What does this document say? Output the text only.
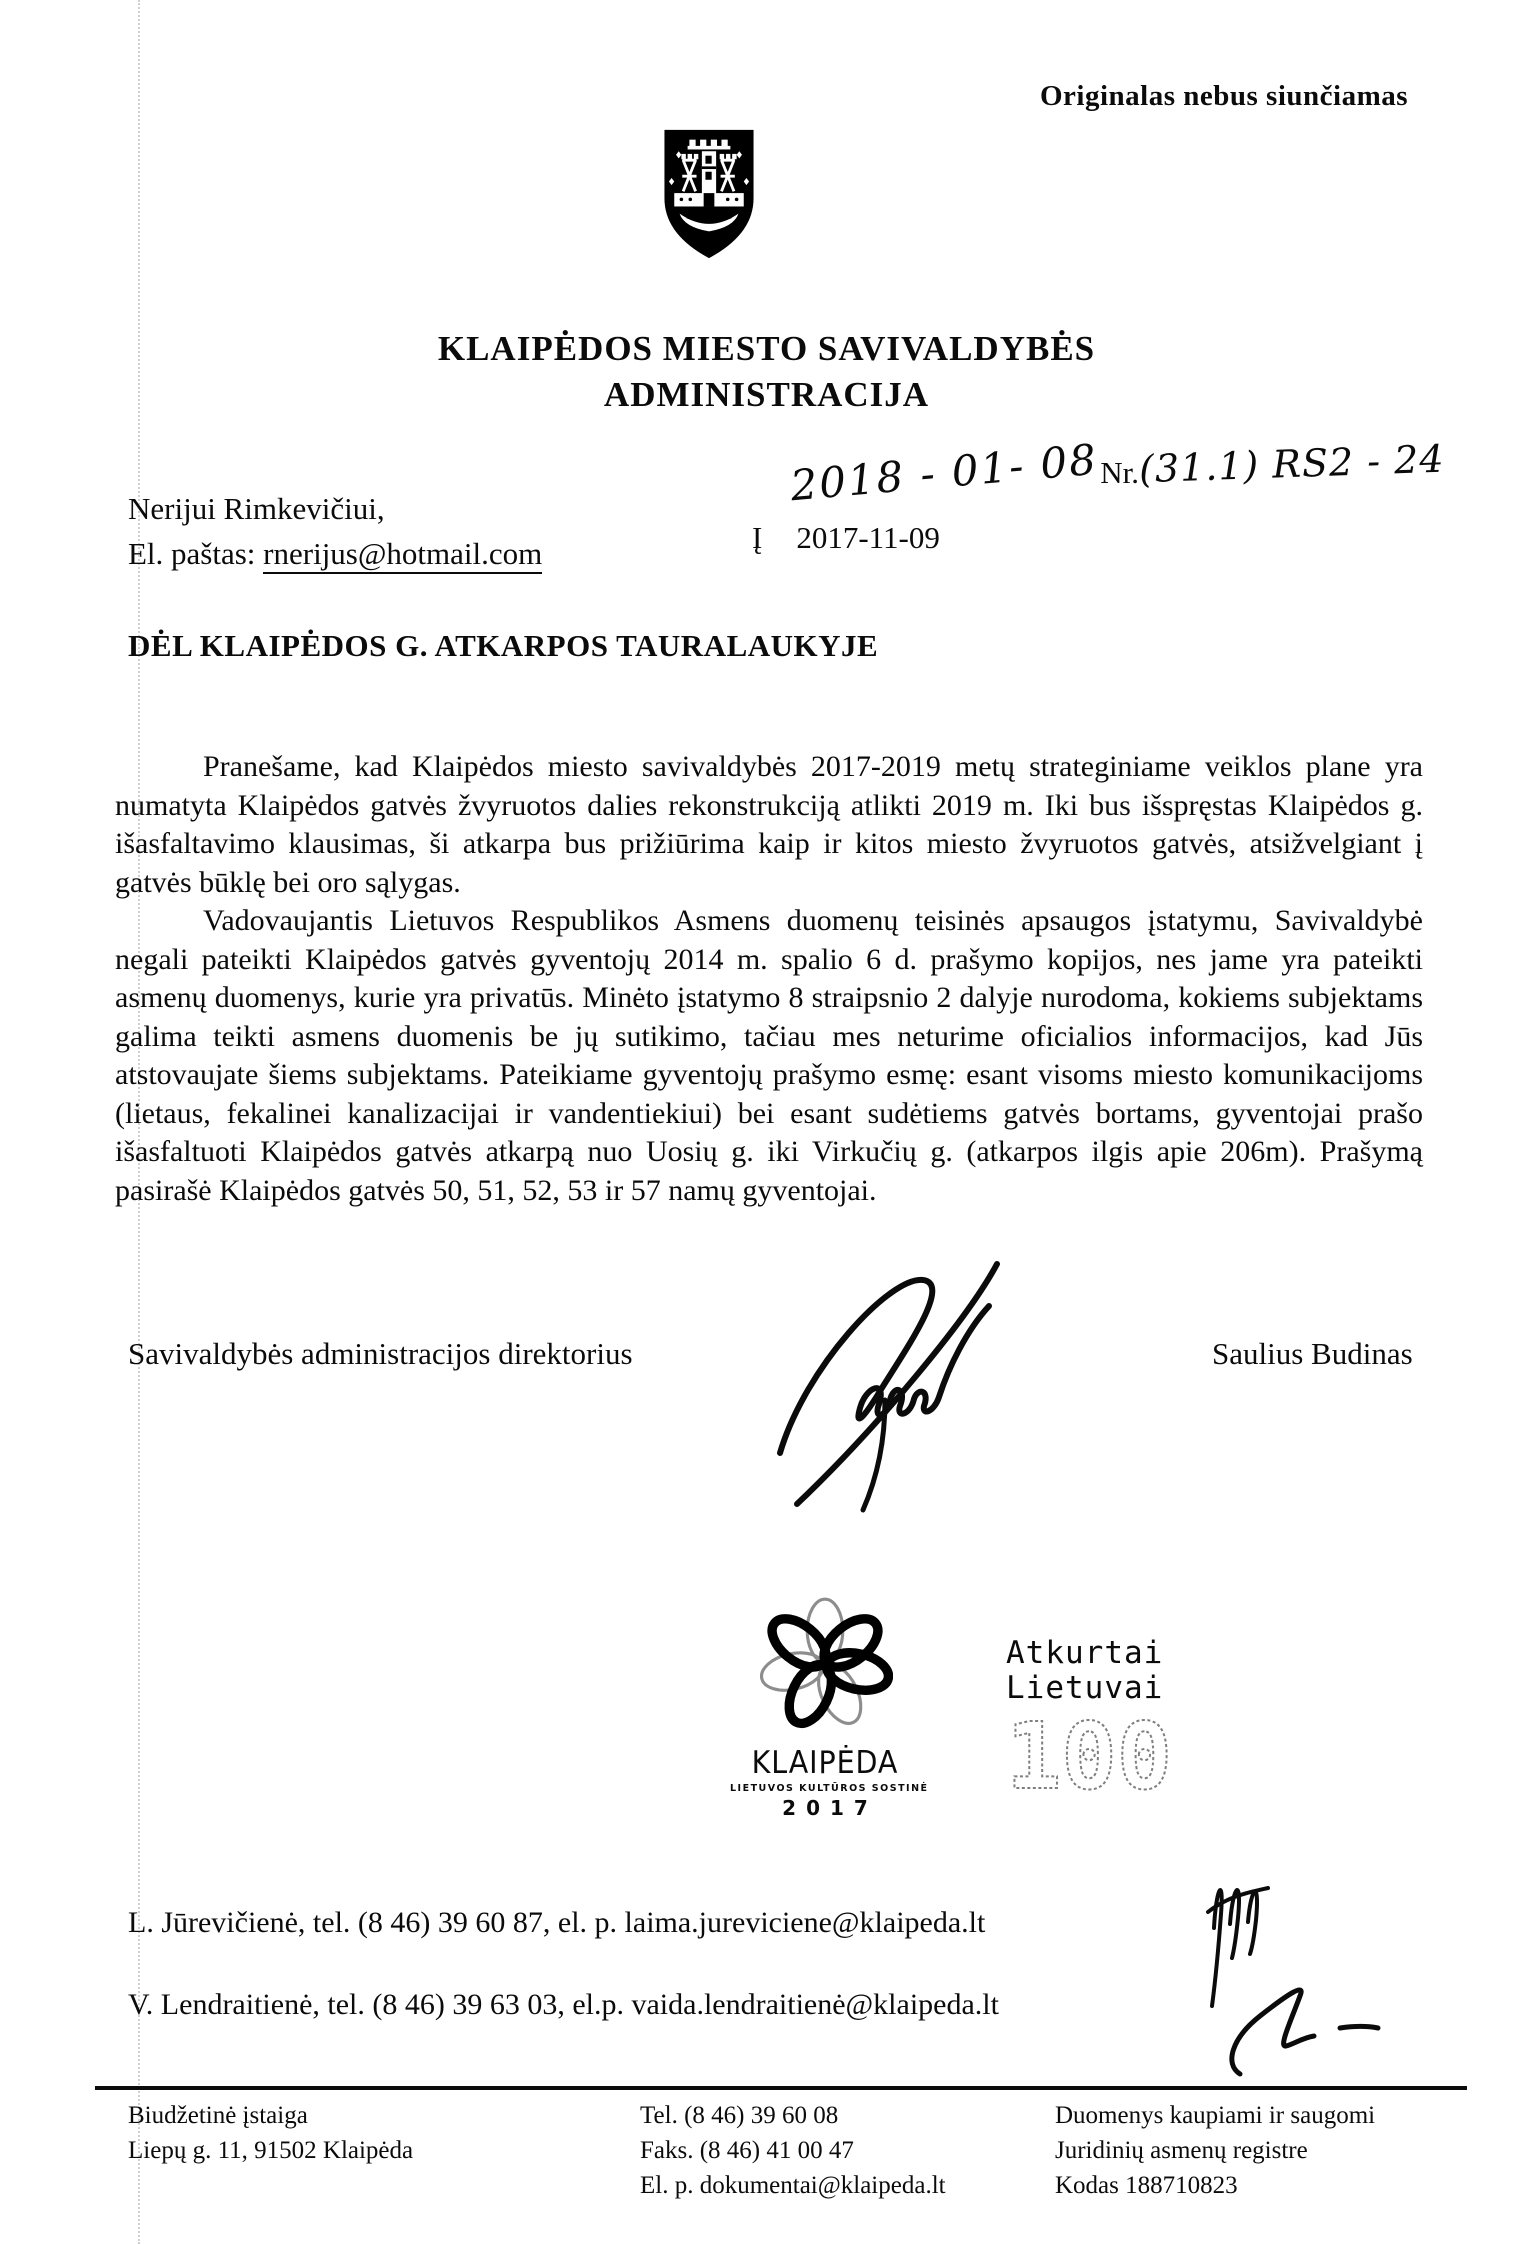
Originalas nebus siunčiamas
KLAIPĖDOS MIESTO SAVIVALDYBĖS
ADMINISTRACIJA
Nerijui Rimkevičiui,
El. paštas: rnerijus@hotmail.com
2018 - 01- 08Nr.(31.1) RS2 - 24
Į 2017-11-09
DĖL KLAIPĖDOS G. ATKARPOS TAURALAUKYJE

Pranešame, kad Klaipėdos miesto savivaldybės 2017-2019 metų strateginiame veiklos plane yra numatyta Klaipėdos gatvės žvyruotos dalies rekonstrukciją atlikti 2019 m. Iki bus išspręstas Klaipėdos g. išasfaltavimo klausimas, ši atkarpa bus prižiūrima kaip ir kitos miesto žvyruotos gatvės, atsižvelgiant į gatvės būklę bei oro sąlygas.

Vadovaujantis Lietuvos Respublikos Asmens duomenų teisinės apsaugos įstatymu, Savivaldybė negali pateikti Klaipėdos gatvės gyventojų 2014 m. spalio 6 d. prašymo kopijos, nes jame yra pateikti asmenų duomenys, kurie yra privatūs. Minėto įstatymo 8 straipsnio 2 dalyje nurodoma, kokiems subjektams galima teikti asmens duomenis be jų sutikimo, tačiau mes neturime oficialios informacijos, kad Jūs atstovaujate šiems subjektams. Pateikiame gyventojų prašymo esmę: esant visoms miesto komunikacijoms (lietaus, fekalinei kanalizacijai ir vandentiekiui) bei esant sudėtiems gatvės bortams, gyventojai prašo išasfaltuoti Klaipėdos gatvės atkarpą nuo Uosių g. iki Virkučių g. (atkarpos ilgis apie 206m). Prašymą pasirašė Klaipėdos gatvės 50, 51, 52, 53 ir 57 namų gyventojai.

Savivaldybės administracijos direktorius	Saulius Budinas
KLAIPĖDA
LIETUVOS KULTŪROS SOSTINĖ
2017
Atkurtai
Lietuvai
100
L. Jūrevičienė, tel. (8 46) 39 60 87, el. p. laima.jureviciene@klaipeda.lt
V. Lendraitienė, tel. (8 46) 39 63 03, el.p. vaida.lendraitienė@klaipeda.lt
Biudžetinė įstaiga
Liepų g. 11, 91502 Klaipėda
Tel. (8 46) 39 60 08
Faks. (8 46) 41 00 47
El. p. dokumentai@klaipeda.lt
Duomenys kaupiami ir saugomi
Juridinių asmenų registre
Kodas 188710823
